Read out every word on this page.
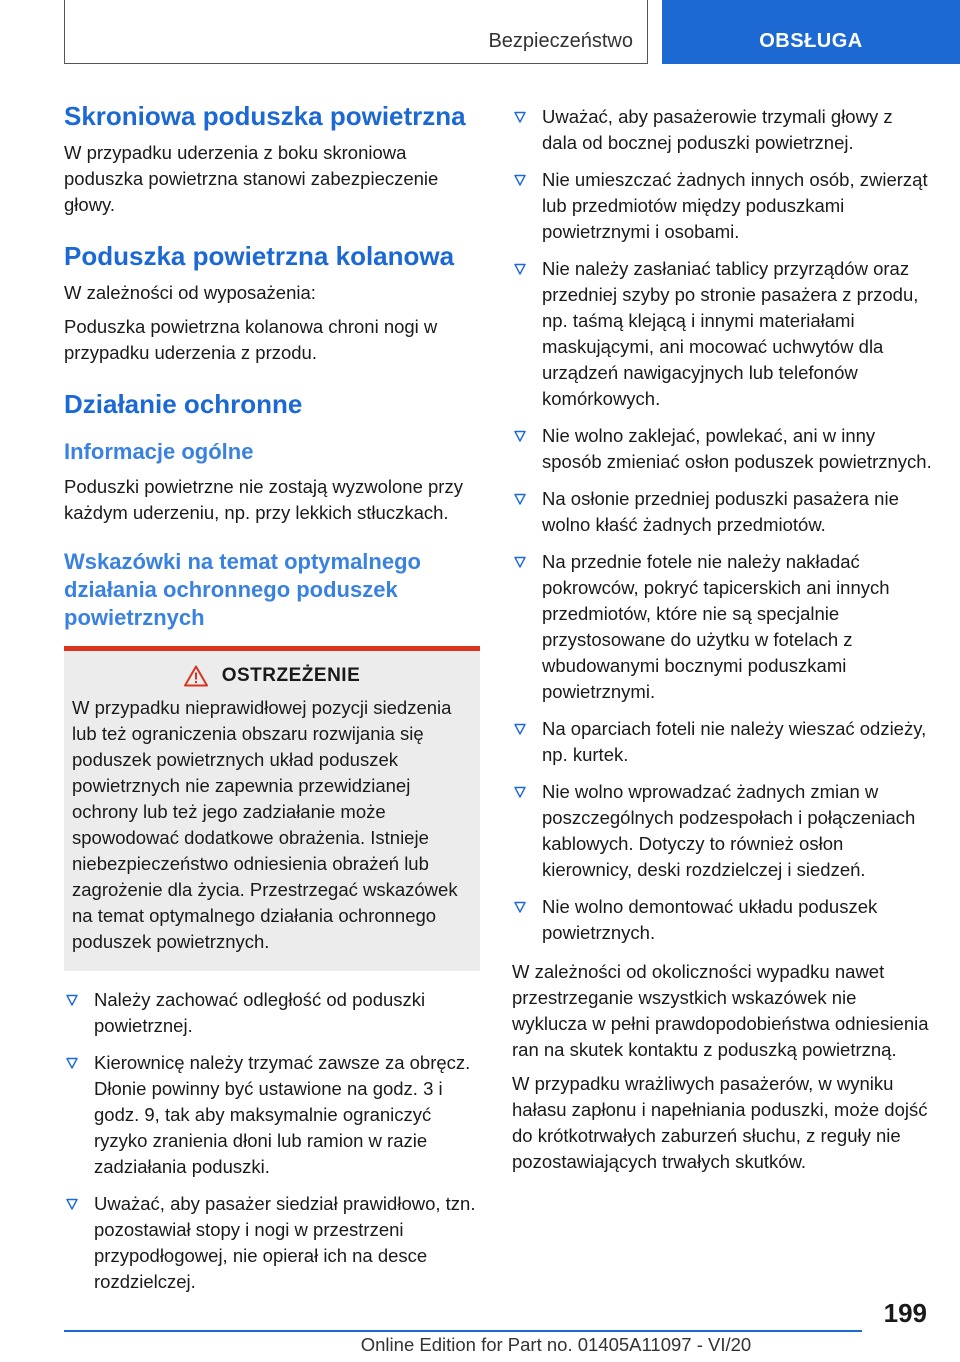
Bezpieczeństwo	OBSŁUGA
Skroniowa poduszka powietrzna

W przypadku uderzenia z boku skroniowa poduszka powietrzna stanowi zabezpieczenie głowy.

Poduszka powietrzna kolanowa

W zależności od wyposażenia:

Poduszka powietrzna kolanowa chroni nogi w przypadku uderzenia z przodu.

Działanie ochronne
Informacje ogólne

Poduszki powietrzne nie zostają wyzwolone przy każdym uderzeniu, np. przy lekkich stłuczkach.

Wskazówki na temat optymalnego działania ochronnego poduszek powietrznych
OSTRZEŻENIE

W przypadku nieprawidłowej pozycji siedzenia lub też ograniczenia obszaru rozwijania się poduszek powietrznych układ poduszek powietrznych nie zapewnia przewidzianej ochrony lub też jego zadziałanie może spowodować dodatkowe obrażenia. Istnieje niebezpieczeństwo odniesienia obrażeń lub zagrożenie dla życia. Przestrzegać wskazówek na temat optymalnego działania ochronnego poduszek powietrznych.

Należy zachować odległość od poduszki powietrznej.
Kierownicę należy trzymać zawsze za obręcz. Dłonie powinny być ustawione na godz. 3 i godz. 9, tak aby maksymalnie ograniczyć ryzyko zranienia dłoni lub ramion w razie zadziałania poduszki.
Uważać, aby pasażer siedział prawidłowo, tzn. pozostawiał stopy i nogi w przestrzeni przypodłogowej, nie opierał ich na desce rozdzielczej.
Uważać, aby pasażerowie trzymali głowy z dala od bocznej poduszki powietrznej.
Nie umieszczać żadnych innych osób, zwierząt lub przedmiotów między poduszkami powietrznymi i osobami.
Nie należy zasłaniać tablicy przyrządów oraz przedniej szyby po stronie pasażera z przodu, np. taśmą klejącą i innymi materiałami maskującymi, ani mocować uchwytów dla urządzeń nawigacyjnych lub telefonów komórkowych.
Nie wolno zaklejać, powlekać, ani w inny sposób zmieniać osłon poduszek powietrznych.
Na osłonie przedniej poduszki pasażera nie wolno kłaść żadnych przedmiotów.
Na przednie fotele nie należy nakładać pokrowców, pokryć tapicerskich ani innych przedmiotów, które nie są specjalnie przystosowane do użytku w fotelach z wbudowanymi bocznymi poduszkami powietrznymi.
Na oparciach foteli nie należy wieszać odzieży, np. kurtek.
Nie wolno wprowadzać żadnych zmian w poszczególnych podzespołach i połączeniach kablowych. Dotyczy to również osłon kierownicy, deski rozdzielczej i siedzeń.
Nie wolno demontować układu poduszek powietrznych.

W zależności od okoliczności wypadku nawet przestrzeganie wszystkich wskazówek nie wyklucza w pełni prawdopodobieństwa odniesienia ran na skutek kontaktu z poduszką powietrzną.

W przypadku wrażliwych pasażerów, w wyniku hałasu zapłonu i napełniania poduszki, może dojść do krótkotrwałych zaburzeń słuchu, z reguły nie pozostawiających trwałych skutków.

199
Online Edition for Part no. 01405A11097 - VI/20
